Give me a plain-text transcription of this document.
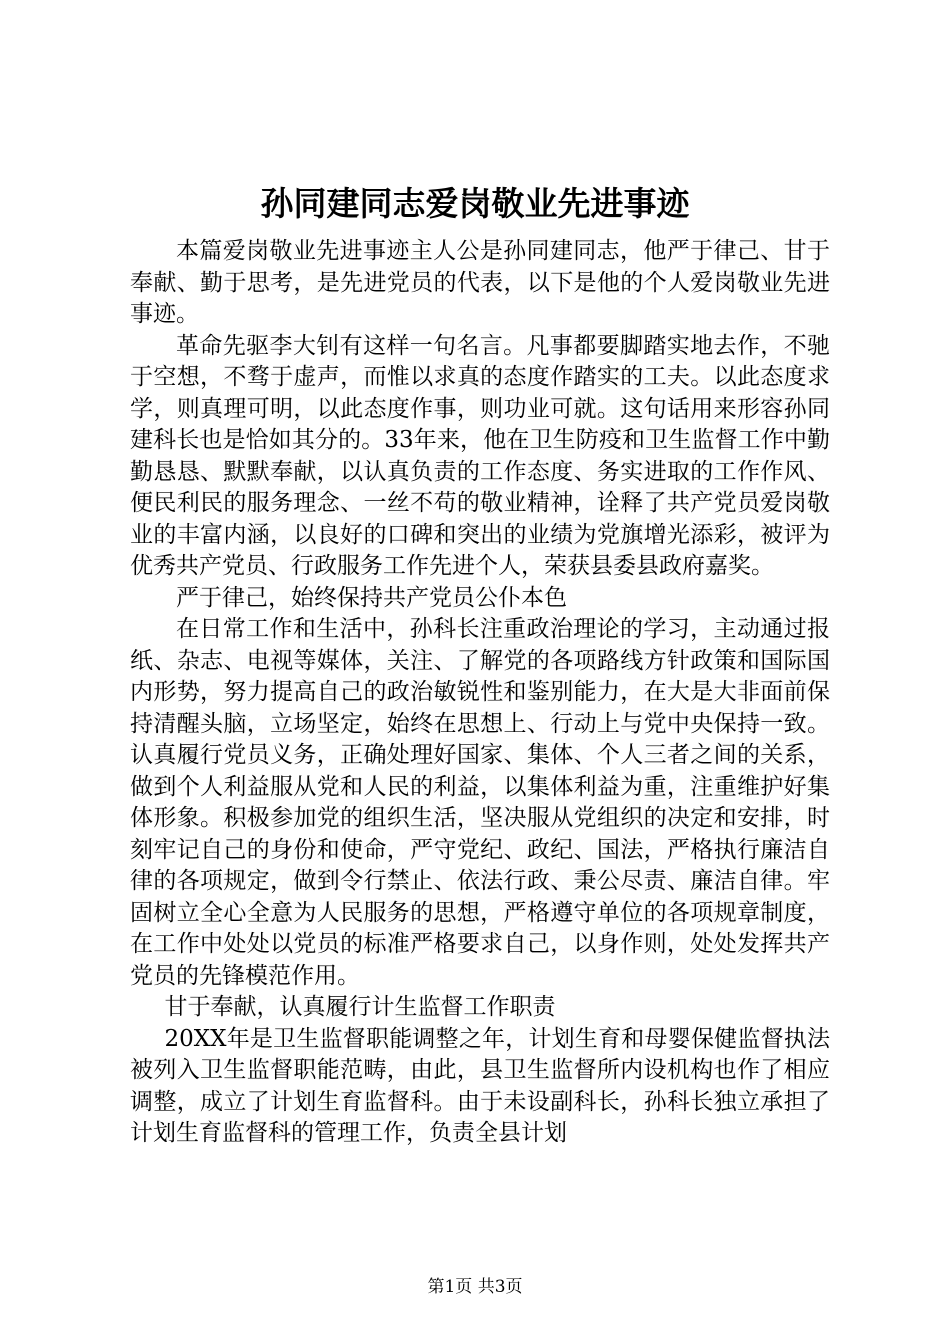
孙同建同志爱岗敬业先进事迹

本篇爱岗敬业先进事迹主人公是孙同建同志，他严于律己、甘于奉献、勤于思考，是先进党员的代表，以下是他的个人爱岗敬业先进事迹。

革命先驱李大钊有这样一句名言。凡事都要脚踏实地去作，不驰于空想，不骛于虚声，而惟以求真的态度作踏实的工夫。以此态度求学，则真理可明，以此态度作事，则功业可就。这句话用来形容孙同建科长也是恰如其分的。33年来，他在卫生防疫和卫生监督工作中勤勤恳恳、默默奉献，以认真负责的工作态度、务实进取的工作作风、便民利民的服务理念、一丝不苟的敬业精神，诠释了共产党员爱岗敬业的丰富内涵，以良好的口碑和突出的业绩为党旗增光添彩，被评为优秀共产党员、行政服务工作先进个人，荣获县委县政府嘉奖。

严于律己，始终保持共产党员公仆本色

在日常工作和生活中，孙科长注重政治理论的学习，主动通过报纸、杂志、电视等媒体，关注、了解党的各项路线方针政策和国际国内形势，努力提高自己的政治敏锐性和鉴别能力，在大是大非面前保持清醒头脑，立场坚定，始终在思想上、行动上与党中央保持一致。认真履行党员义务，正确处理好国家、集体、个人三者之间的关系，做到个人利益服从党和人民的利益，以集体利益为重，注重维护好集体形象。积极参加党的组织生活，坚决服从党组织的决定和安排，时刻牢记自己的身份和使命，严守党纪、政纪、国法，严格执行廉洁自律的各项规定，做到令行禁止、依法行政、秉公尽责、廉洁自律。牢固树立全心全意为人民服务的思想，严格遵守单位的各项规章制度，在工作中处处以党员的标准严格要求自己，以身作则，处处发挥共产党员的先锋模范作用。

甘于奉献，认真履行计生监督工作职责

20XX年是卫生监督职能调整之年，计划生育和母婴保健监督执法被列入卫生监督职能范畴，由此，县卫生监督所内设机构也作了相应调整，成立了计划生育监督科。由于未设副科长，孙科长独立承担了计划生育监督科的管理工作，负责全县计划

第1页 共3页
